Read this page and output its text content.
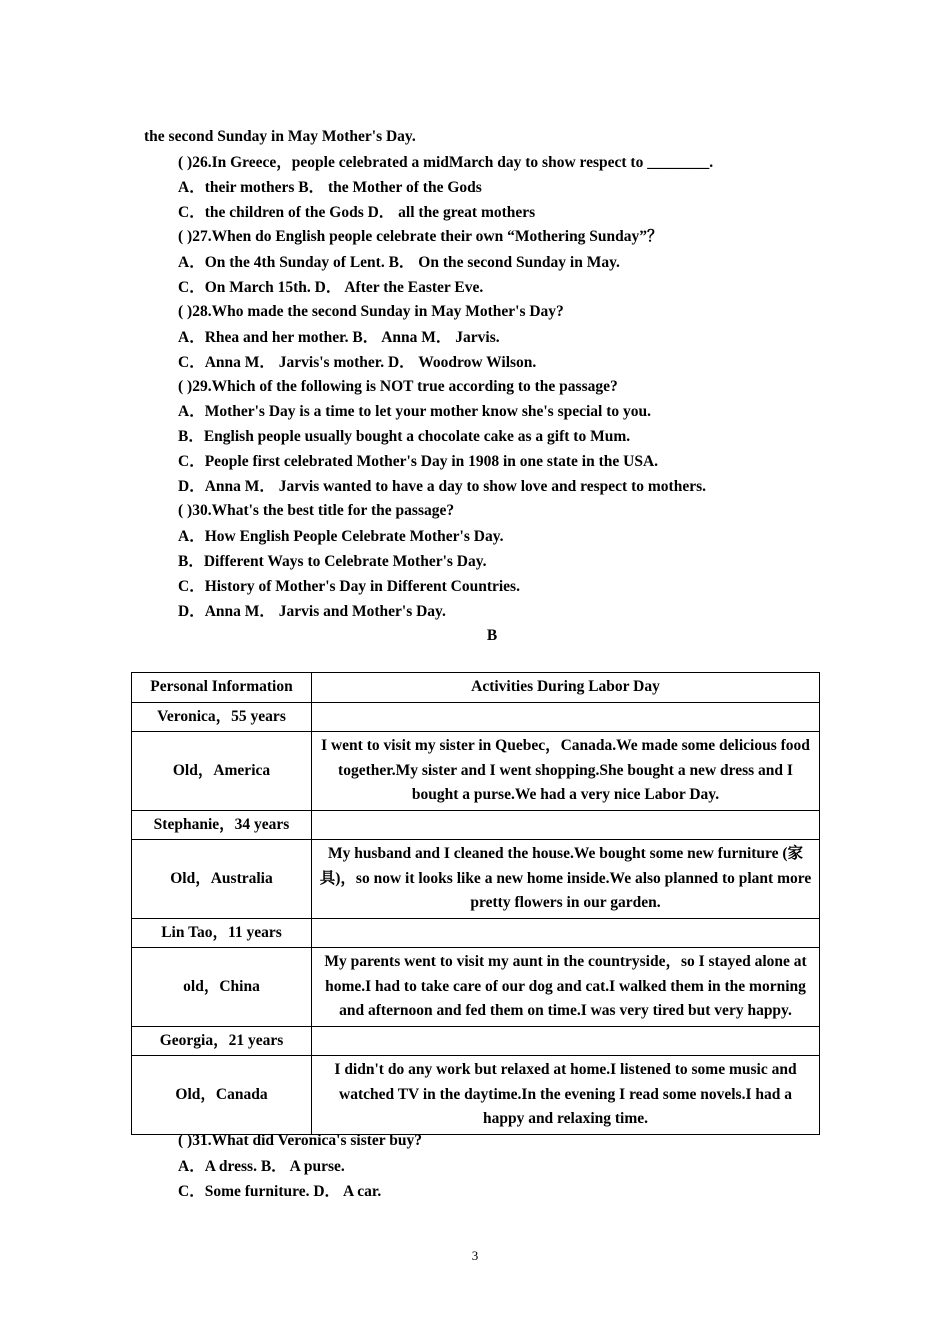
the second Sunday in May Mother's Day.
( )26.In Greece，people celebrated a midMarch day to show respect to ________.
A．their mothers B． the Mother of the Gods
C．the children of the Gods D． all the great mothers
( )27.When do English people celebrate their own “Mothering Sunday”？
A．On the 4th Sunday of Lent. B． On the second Sunday in May.
C．On March 15th. D． After the Easter Eve.
( )28.Who made the second Sunday in May Mother's Day?
A．Rhea and her mother. B． Anna M． Jarvis.
C．Anna M． Jarvis's mother. D． Woodrow Wilson.
( )29.Which of the following is NOT true according to the passage?
A．Mother's Day is a time to let your mother know she's special to you.
B．English people usually bought a chocolate cake as a gift to Mum.
C．People first celebrated Mother's Day in 1908 in one state in the USA.
D．Anna M． Jarvis wanted to have a day to show love and respect to mothers.
( )30.What's the best title for the passage?
A．How English People Celebrate Mother's Day.
B．Different Ways to Celebrate Mother's Day.
C．History of Mother's Day in Different Countries.
D．Anna M． Jarvis and Mother's Day.
B
Personal Information	Activities During Labor Day
Veronica，55 years	
Old，America	I went to visit my sister in Quebec，Canada.We made some delicious food together.My sister and I went shopping.She bought a new dress and I bought a purse.We had a very nice Labor Day.
Stephanie，34 years	
Old，Australia	My husband and I cleaned the house.We bought some new furniture (家具)，so now it looks like a new home inside.We also planned to plant more pretty flowers in our garden.
Lin Tao，11 years	
old，China	My parents went to visit my aunt in the countryside，so I stayed alone at home.I had to take care of our dog and cat.I walked them in the morning and afternoon and fed them on time.I was very tired but very happy.
Georgia，21 years	
Old，Canada	I didn't do any work but relaxed at home.I listened to some music and watched TV in the daytime.In the evening I read some novels.I had a happy and relaxing time.
( )31.What did Veronica's sister buy?
A．A dress. B． A purse.
C．Some furniture. D． A car.
3
